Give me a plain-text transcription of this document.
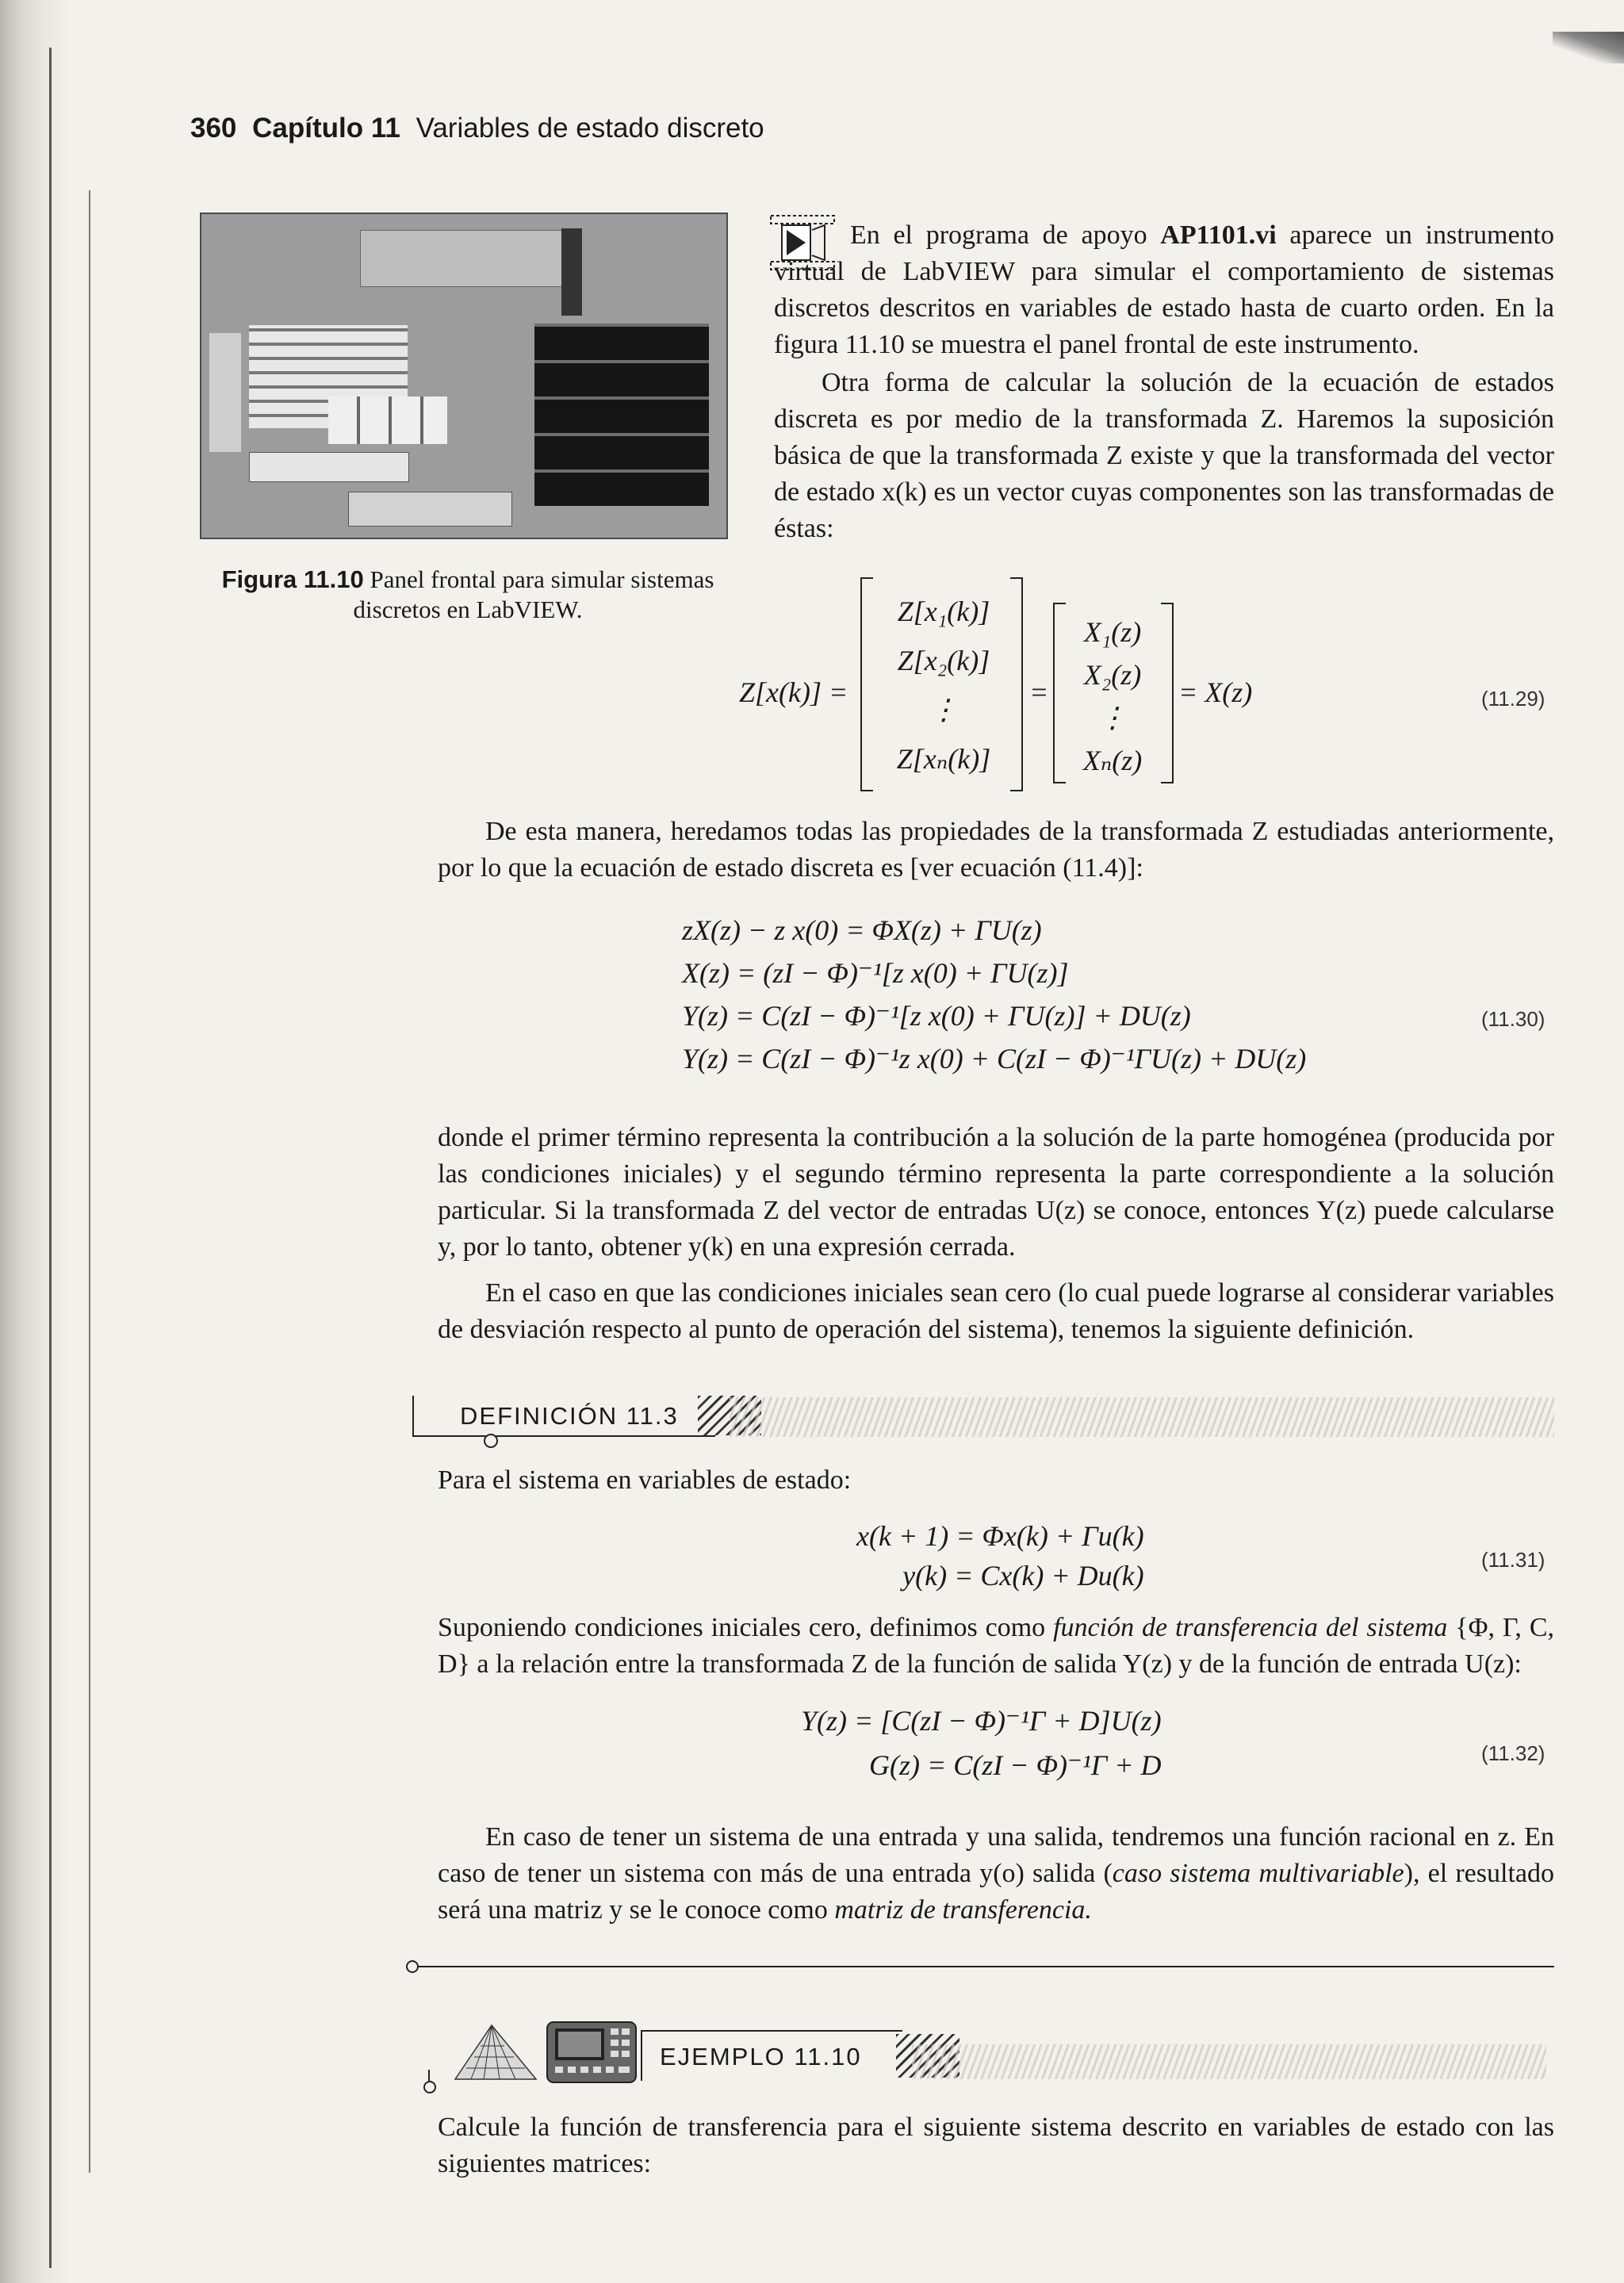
360 Capítulo 11 Variables de estado discreto
Figura 11.10 Panel frontal para simular sistemas discretos en LabVIEW.
En el programa de apoyo AP1101.vi aparece un instrumento virtual de LabVIEW para simular el comportamiento de sistemas discretos descritos en variables de estado hasta de cuarto orden. En la figura 11.10 se muestra el panel frontal de este instrumento.
Otra forma de calcular la solución de la ecuación de estados discreta es por medio de la transformada Z. Haremos la suposición básica de que la transformada Z existe y que la transformada del vector de estado x(k) es un vector cuyas componentes son las transformadas de éstas:
Z[x(k)] =
Z[x₁(k)]
Z[x₂(k)]
⋮
Z[xₙ(k)]
=
X₁(z)
X₂(z)
⋮
Xₙ(z)
= X(z)	(11.29)
De esta manera, heredamos todas las propiedades de la transformada Z estudiadas anteriormente, por lo que la ecuación de estado discreta es [ver ecuación (11.4)]:
zX(z) − z x(0) = ΦX(z) + ΓU(z)
X(z) = (zI − Φ)⁻¹[z x(0) + ΓU(z)]
Y(z) = C(zI − Φ)⁻¹[z x(0) + ΓU(z)] + DU(z)
Y(z) = C(zI − Φ)⁻¹z x(0) + C(zI − Φ)⁻¹ΓU(z) + DU(z)
(11.30)
donde el primer término representa la contribución a la solución de la parte homogénea (producida por las condiciones iniciales) y el segundo término representa la parte correspondiente a la solución particular. Si la transformada Z del vector de entradas U(z) se conoce, entonces Y(z) puede calcularse y, por lo tanto, obtener y(k) en una expresión cerrada.
En el caso en que las condiciones iniciales sean cero (lo cual puede lograrse al considerar variables de desviación respecto al punto de operación del sistema), tenemos la siguiente definición.
DEFINICIÓN 11.3
Para el sistema en variables de estado:
x(k + 1) = Φx(k) + Γu(k)
y(k) = Cx(k) + Du(k)	(11.31)
Suponiendo condiciones iniciales cero, definimos como función de transferencia del sistema {Φ, Γ, C, D} a la relación entre la transformada Z de la función de salida Y(z) y de la función de entrada U(z):
Y(z) = [C(zI − Φ)⁻¹Γ + D]U(z)
G(z) = C(zI − Φ)⁻¹Γ + D	(11.32)
En caso de tener un sistema de una entrada y una salida, tendremos una función racional en z. En caso de tener un sistema con más de una entrada y(o) salida (caso sistema multivariable), el resultado será una matriz y se le conoce como matriz de transferencia.
EJEMPLO 11.10
Calcule la función de transferencia para el siguiente sistema descrito en variables de estado con las siguientes matrices:
